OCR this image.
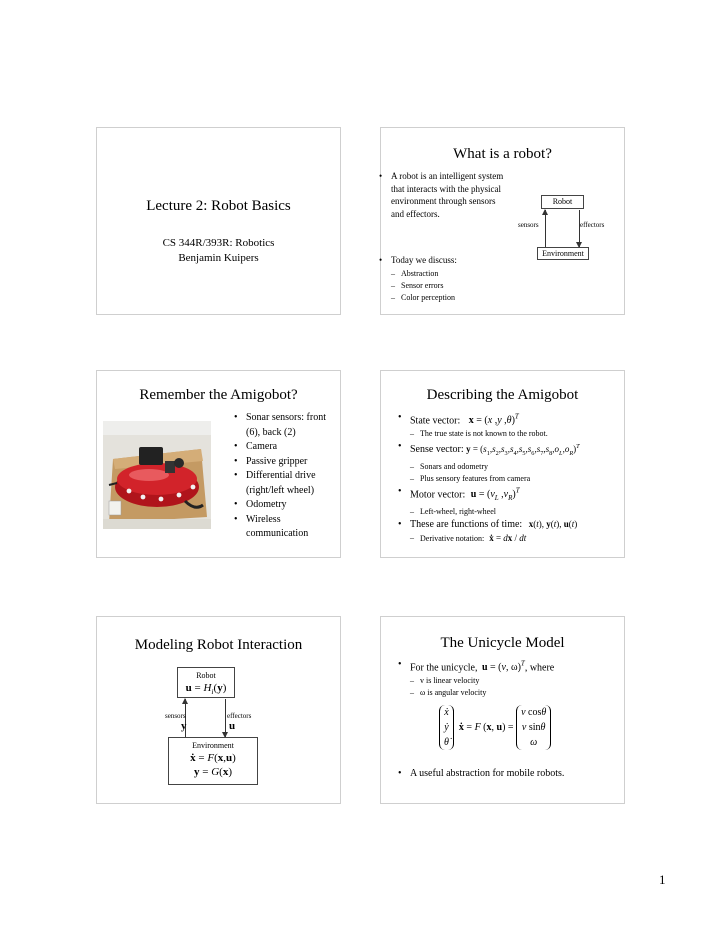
Lecture 2: Robot Basics
CS 344R/393R: Robotics
Benjamin Kuipers
What is a robot?
• A robot is an intelligent system that interacts with the physical environment through sensors and effectors.
• Today we discuss:
– Abstraction
– Sensor errors
– Color perception
Robot
sensors	effectors
Environment
Remember the Amigobot?
• Sonar sensors: front (6), back (2)
• Camera
• Passive gripper
• Differential drive (right/left wheel)
• Odometry
• Wireless communication
Describing the Amigobot
• State vector: x = (x ,y ,θ)$^T$
– The true state is not known to the robot.
• Sense vector: $y = (s_1,s_2,s_3,s_4,s_5,s_6,s_7,s_8,o_L,o_R)^T$
– Sonars and odometry
– Plus sensory features from camera
• Motor vector: $u = (v_L$ $,v_R)^T$
– Left-wheel, right-wheel
• These are functions of time: x(t), y(t), u(t)
– Derivative notation: ẋ = dx / dt
Modeling Robot Interaction
Robot
$u = H_i(y)$
sensors
y
effectors
u
Environment
ẋ = F(x,u)
y = G(x)
The Unicycle Model
• For the unicycle, u = (v, ω)$^T$, where
– v is linear velocity
– ω is angular velocity
ẋ
ẏ
θ̇  ẋ = F (x, u) = v cosθ
v sinθ
ω
• A useful abstraction for mobile robots.
1
